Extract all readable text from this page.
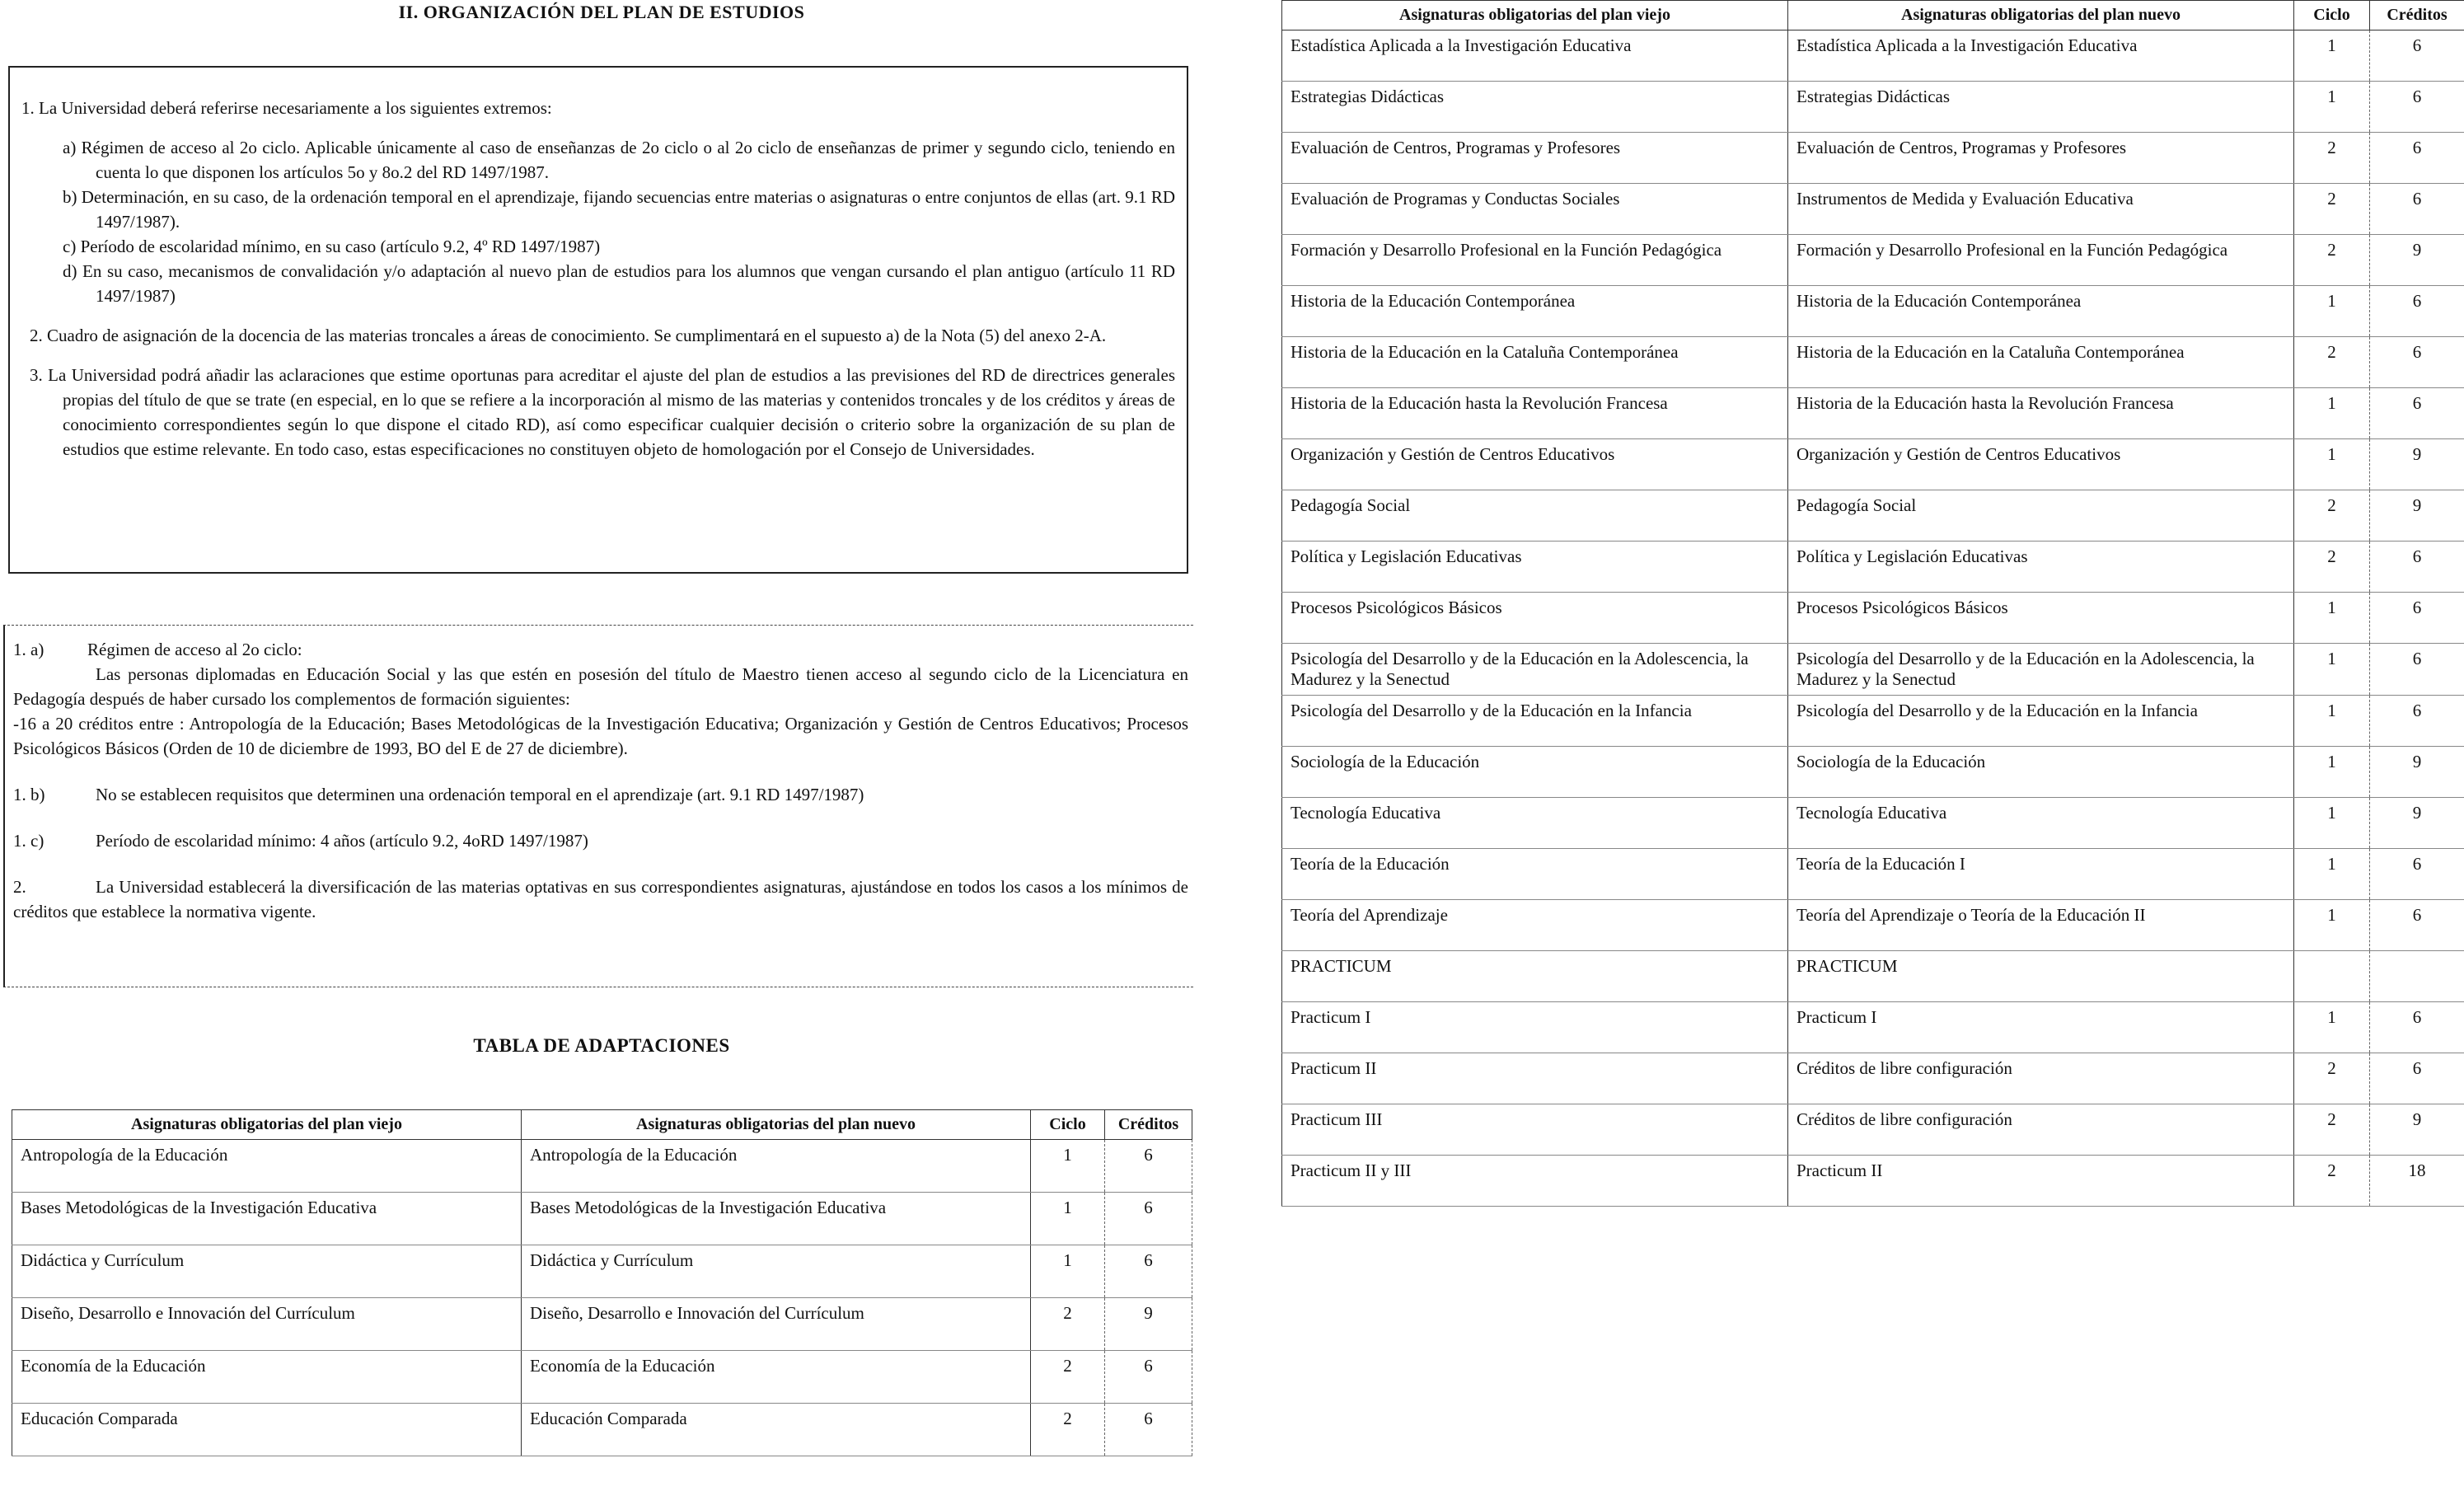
II. ORGANIZACIÓN DEL PLAN DE ESTUDIOS

1. La Universidad deberá referirse necesariamente a los siguientes extremos:

a) Régimen de acceso al 2o ciclo. Aplicable únicamente al caso de enseñanzas de 2o ciclo o al 2o ciclo de enseñanzas de primer y segundo ciclo, teniendo en cuenta lo que disponen los artículos 5o y 8o.2 del RD 1497/1987.

b) Determinación, en su caso, de la ordenación temporal en el aprendizaje, fijando secuencias entre materias o asignaturas o entre conjuntos de ellas (art. 9.1 RD 1497/1987).

c) Período de escolaridad mínimo, en su caso (artículo 9.2, 4º RD 1497/1987)

d) En su caso, mecanismos de convalidación y/o adaptación al nuevo plan de estudios para los alumnos que vengan cursando el plan antiguo (artículo 11 RD 1497/1987)

2. Cuadro de asignación de la docencia de las materias troncales a áreas de conocimiento. Se cumplimentará en el supuesto a) de la Nota (5) del anexo 2-A.

3. La Universidad podrá añadir las aclaraciones que estime oportunas para acreditar el ajuste del plan de estudios a las previsiones del RD de directrices generales propias del título de que se trate (en especial, en lo que se refiere a la incorporación al mismo de las materias y contenidos troncales y de los créditos y áreas de conocimiento correspondientes según lo que dispone el citado RD), así como especificar cualquier decisión o criterio sobre la organización de su plan de estudios que estime relevante. En todo caso, estas especificaciones no constituyen objeto de homologación por el Consejo de Universidades.

1. a)	Régimen de acceso al 2o ciclo:

Las personas diplomadas en Educación Social y las que estén en posesión del título de Maestro tienen acceso al segundo ciclo de la Licenciatura en Pedagogía después de haber cursado los complementos de formación siguientes:

-16 a 20 créditos entre : Antropología de la Educación; Bases Metodológicas de la Investigación Educativa; Organización y Gestión de Centros Educativos; Procesos Psicológicos Básicos (Orden de 10 de diciembre de 1993, BO del E de 27 de diciembre).

1. b)	No se establecen requisitos que determinen una ordenación temporal en el aprendizaje (art. 9.1 RD 1497/1987)

1. c)	Período de escolaridad mínimo: 4 años (artículo 9.2, 4oRD 1497/1987)

2.	La Universidad establecerá la diversificación de las materias optativas en sus correspondientes asignaturas, ajustándose en todos los casos a los mínimos de créditos que establece la normativa vigente.

TABLA DE ADAPTACIONES
Asignaturas obligatorias del plan viejo	Asignaturas obligatorias del plan nuevo	Ciclo	Créditos
Antropología de la Educación	Antropología de la Educación	1	6
Bases Metodológicas de la Investigación Educativa	Bases Metodológicas de la Investigación Educativa	1	6
Didáctica y Currículum	Didáctica y Currículum	1	6
Diseño, Desarrollo e Innovación del Currículum	Diseño, Desarrollo e Innovación del Currículum	2	9
Economía de la Educación	Economía de la Educación	2	6
Educación Comparada	Educación Comparada	2	6
Asignaturas obligatorias del plan viejo	Asignaturas obligatorias del plan nuevo	Ciclo	Créditos
Estadística Aplicada a la Investigación Educativa	Estadística Aplicada a la Investigación Educativa	1	6
Estrategias Didácticas	Estrategias Didácticas	1	6
Evaluación de Centros, Programas y Profesores	Evaluación de Centros, Programas y Profesores	2	6
Evaluación de Programas y Conductas Sociales	Instrumentos de Medida y Evaluación Educativa	2	6
Formación y Desarrollo Profesional en la Función Pedagógica	Formación y Desarrollo Profesional en la Función Pedagógica	2	9
Historia de la Educación Contemporánea	Historia de la Educación Contemporánea	1	6
Historia de la Educación en la Cataluña Contemporánea	Historia de la Educación en la Cataluña Contemporánea	2	6
Historia de la Educación hasta la Revolución Francesa	Historia de la Educación hasta la Revolución Francesa	1	6
Organización y Gestión de Centros Educativos	Organización y Gestión de Centros Educativos	1	9
Pedagogía Social	Pedagogía Social	2	9
Política y Legislación Educativas	Política y Legislación Educativas	2	6
Procesos Psicológicos Básicos	Procesos Psicológicos Básicos	1	6
Psicología del Desarrollo y de la Educación en la Adolescencia, la Madurez y la Senectud	Psicología del Desarrollo y de la Educación en la Adolescencia, la Madurez y la Senectud	1	6
Psicología del Desarrollo y de la Educación en la Infancia	Psicología del Desarrollo y de la Educación en la Infancia	1	6
Sociología de la Educación	Sociología de la Educación	1	9
Tecnología Educativa	Tecnología Educativa	1	9
Teoría de la Educación	Teoría de la Educación I	1	6
Teoría del Aprendizaje	Teoría del Aprendizaje o Teoría de la Educación II	1	6
PRACTICUM	PRACTICUM		
Practicum I	Practicum I	1	6
Practicum II	Créditos de libre configuración	2	6
Practicum III	Créditos de libre configuración	2	9
Practicum II y III	Practicum II	2	18
